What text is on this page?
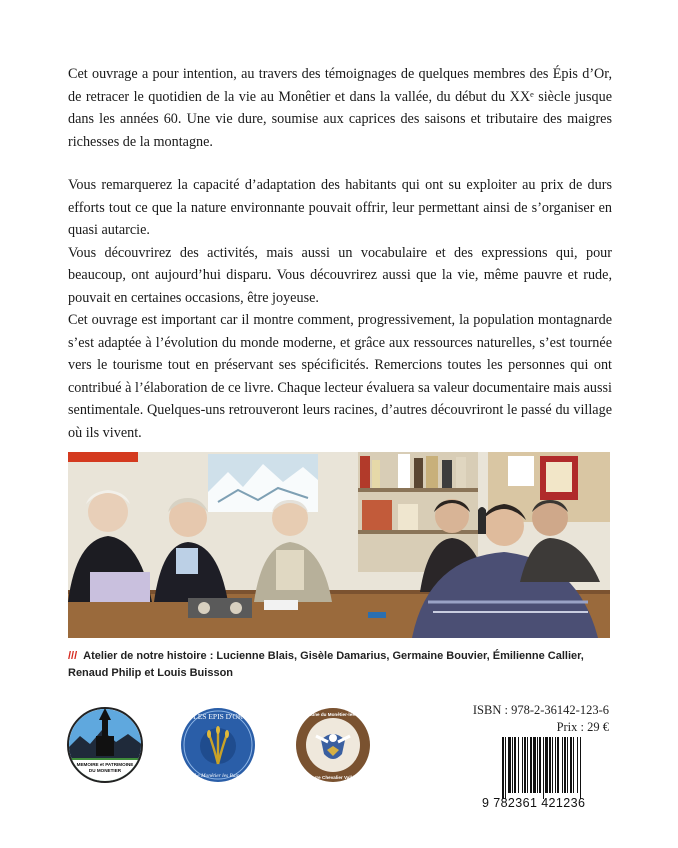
Cet ouvrage a pour intention, au travers des témoignages de quelques membres des Épis d’Or, de retracer le quotidien de la vie au Monêtier et dans la vallée, du début du XXᵉ siècle jusque dans les années 60. Une vie dure, soumise aux caprices des saisons et tributaire des maigres richesses de la montagne.

Vous remarquerez la capacité d’adaptation des habitants qui ont su exploiter au prix de durs efforts tout ce que la nature environnante pouvait offrir, leur permettant ainsi de s’organiser en quasi autarcie.

Vous découvrirez des activités, mais aussi un vocabulaire et des expressions qui, pour beaucoup, ont aujourd’hui disparu. Vous découvrirez aussi que la vie, même pauvre et rude, pouvait en certaines occasions, être joyeuse.

Cet ouvrage est important car il montre comment, progressivement, la population montagnarde s’est adaptée à l’évolution du monde moderne, et grâce aux ressources naturelles, s’est tournée vers le tourisme tout en préservant ses spécificités. Remercions toutes les personnes qui ont contribué à l’élaboration de ce livre. Chaque lecteur évaluera sa valeur documentaire mais aussi sentimentale. Quelques-uns retrouveront leurs racines, d’autres découvriront le passé du village où ils vivent.

/// Atelier de notre histoire : Lucienne Blais, Gisèle Damarius, Germaine Bouvier, Émilienne Callier, Renaud Philip et Louis Buisson
MEMOIRE et PATRIMOINE
DU MONETIER
LES EPIS D'OR
Le Monêtier les Bains
Commune du Monêtier-les-Bains
Serre Chevalier Vallée
ISBN : 978-2-36142-123-6
Prix : 29 €
9 782361 421236
